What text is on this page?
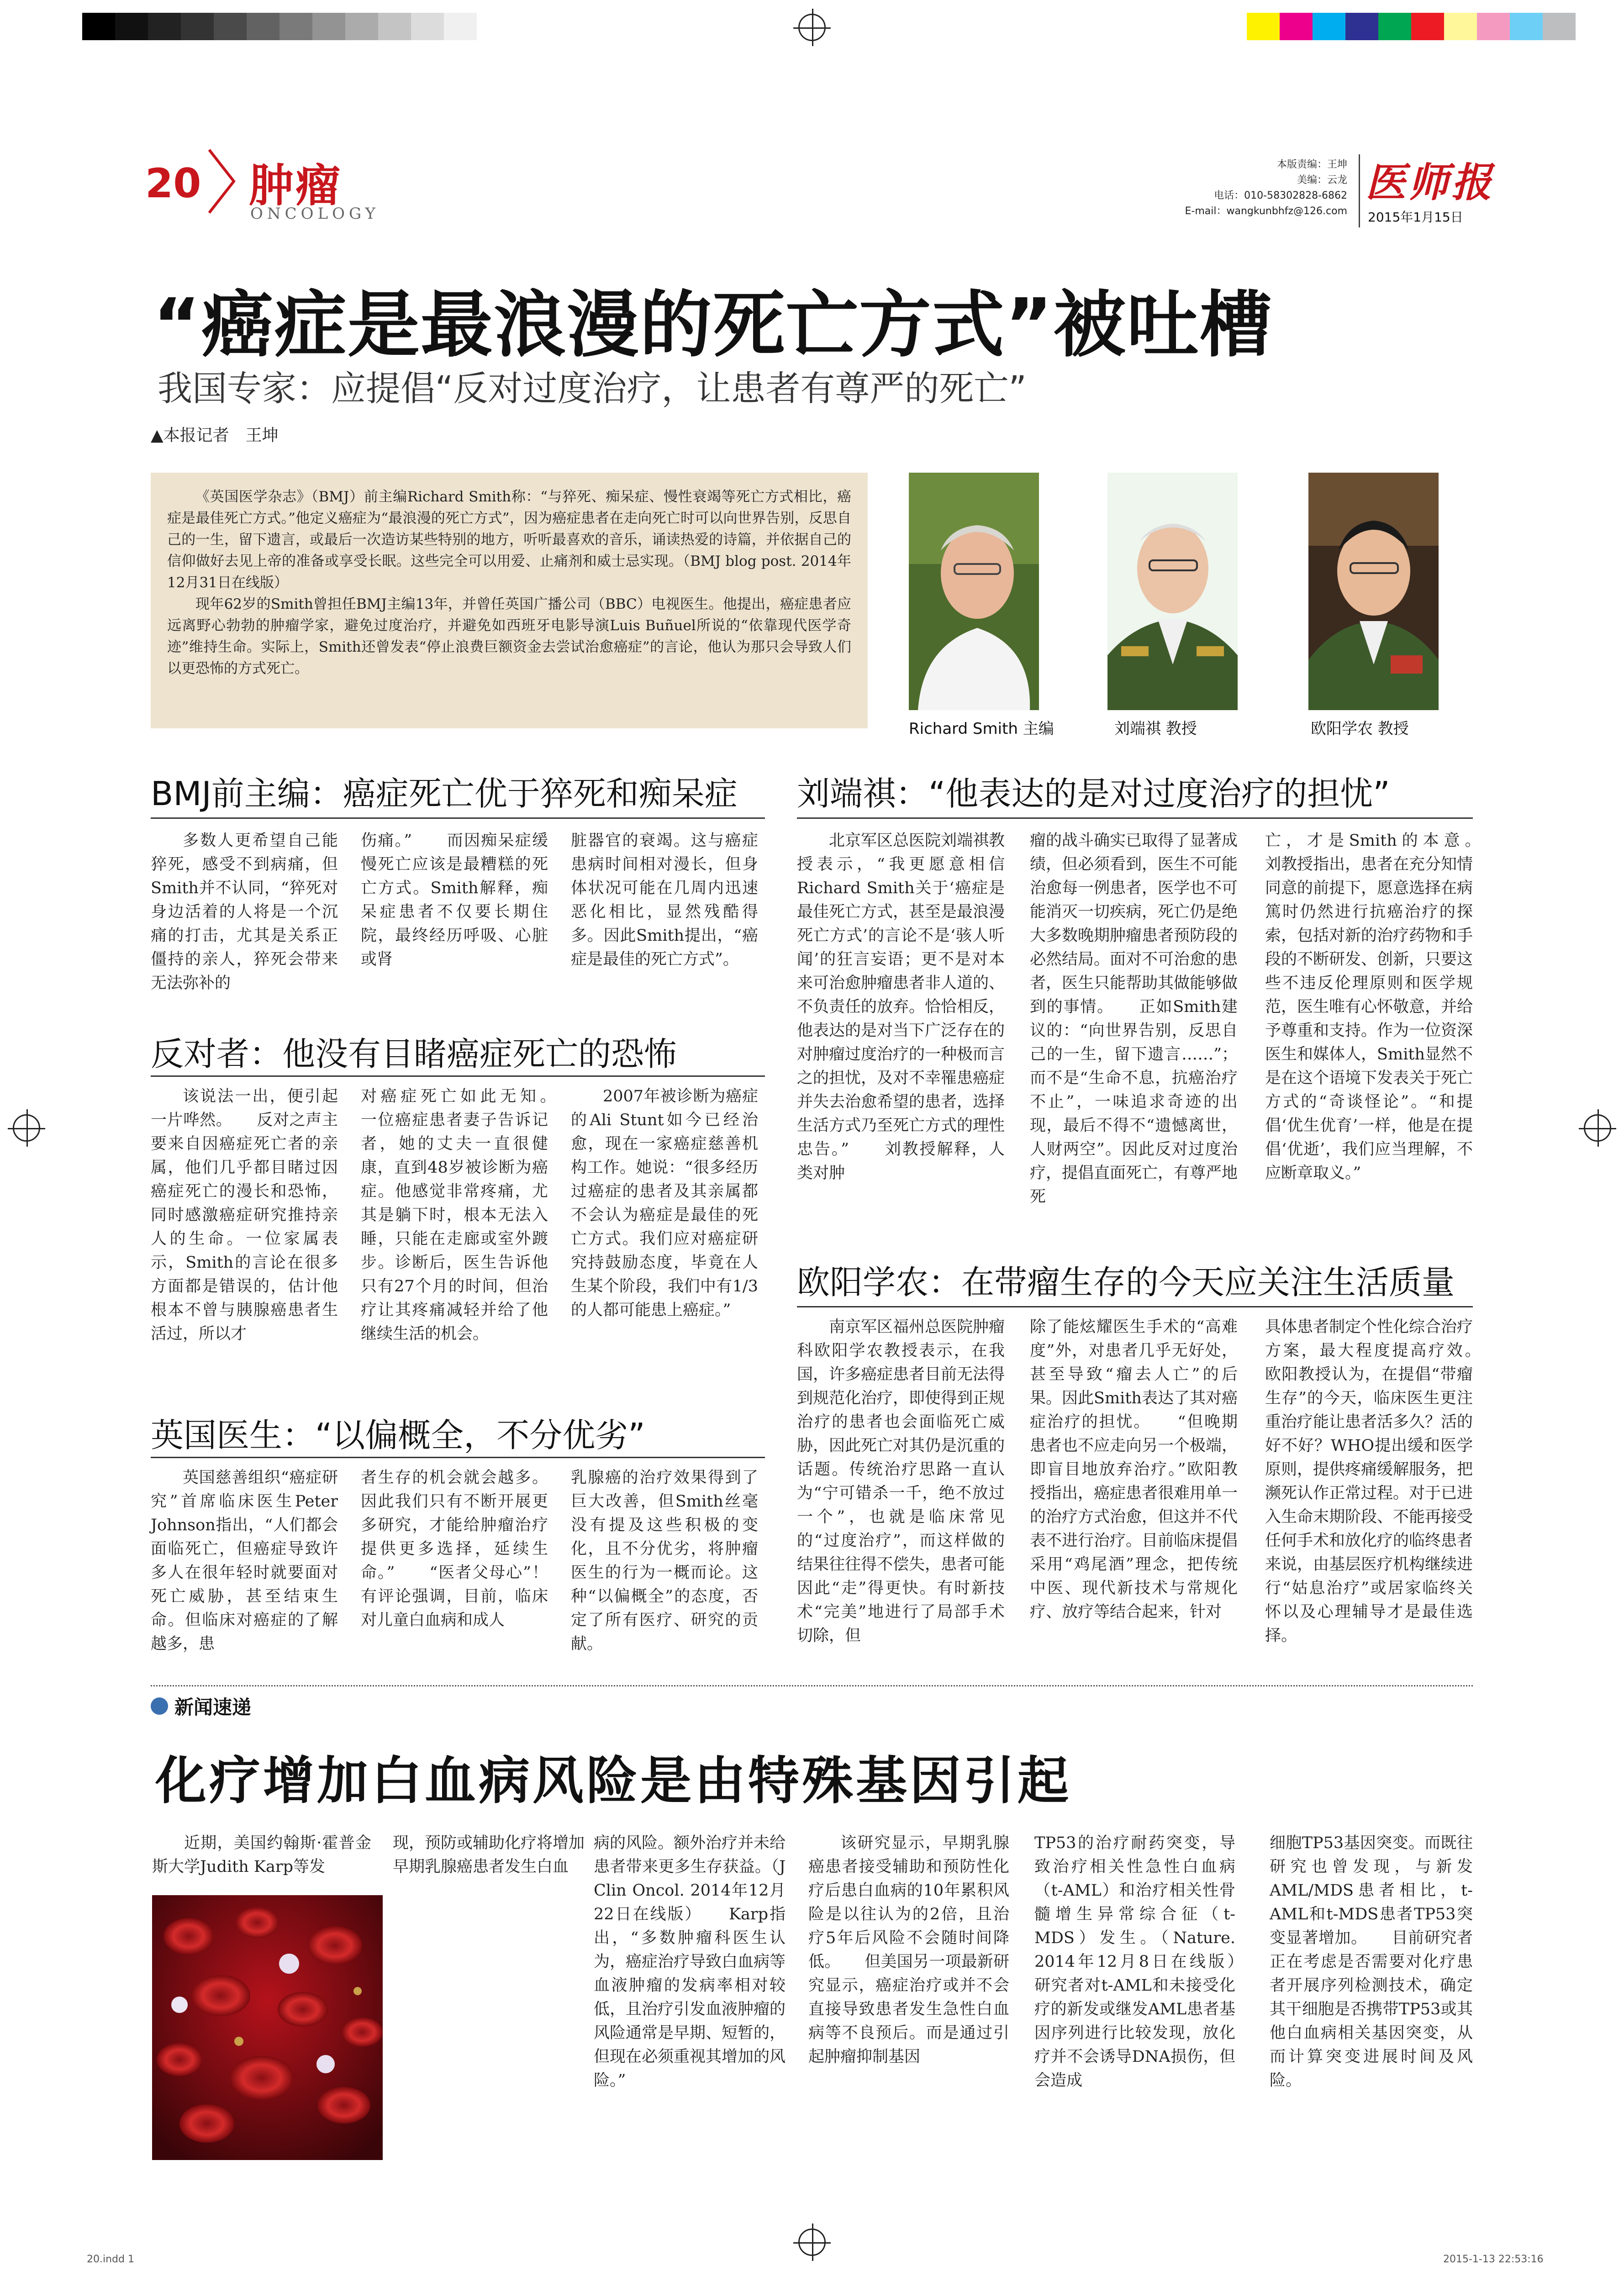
20 肿瘤
ONCOLOGY
本版责编：王坤
美编：云龙
电话：010-58302828-6862
E-mail：wangkunbhfz@126.com
医师报
2015年1月15日
“癌症是最浪漫的死亡方式”被吐槽
我国专家：应提倡“反对过度治疗，让患者有尊严的死亡”
▲本报记者　王坤

《英国医学杂志》（BMJ）前主编Richard Smith称：“与猝死、痴呆症、慢性衰竭等死亡方式相比，癌症是最佳死亡方式。”他定义癌症为“最浪漫的死亡方式”，因为癌症患者在走向死亡时可以向世界告别，反思自己的一生，留下遗言，或最后一次造访某些特别的地方，听听最喜欢的音乐，诵读热爱的诗篇，并依据自己的信仰做好去见上帝的准备或享受长眠。这些完全可以用爱、止痛剂和威士忌实现。（BMJ blog post. 2014年12月31日在线版）

现年62岁的Smith曾担任BMJ主编13年，并曾任英国广播公司（BBC）电视医生。他提出，癌症患者应远离野心勃勃的肿瘤学家，避免过度治疗，并避免如西班牙电影导演Luis Buñuel所说的“依靠现代医学奇迹”维持生命。实际上，Smith还曾发表“停止浪费巨额资金去尝试治愈癌症”的言论，他认为那只会导致人们以更恐怖的方式死亡。

Richard Smith 主编	刘端祺 教授	欧阳学农 教授
BMJ前主编：癌症死亡优于猝死和痴呆症
多数人更希望自己能猝死，感受不到病痛，但Smith并不认同，“猝死对身边活着的人将是一个沉痛的打击，尤其是关系正僵持的亲人，猝死会带来无法弥补的
伤痛。”　　而因痴呆症缓慢死亡应该是最糟糕的死亡方式。Smith解释，痴呆症患者不仅要长期住院，最终经历呼吸、心脏或肾
脏器官的衰竭。这与癌症患病时间相对漫长，但身体状况可能在几周内迅速恶化相比，显然残酷得多。因此Smith提出，“癌症是最佳的死亡方式”。
反对者：他没有目睹癌症死亡的恐怖
该说法一出，便引起一片哗然。　　反对之声主要来自因癌症死亡者的亲属，他们几乎都目睹过因癌症死亡的漫长和恐怖，同时感激癌症研究推持亲人的生命。一位家属表示，Smith的言论在很多方面都是错误的，估计他根本不曾与胰腺癌患者生活过，所以才
对癌症死亡如此无知。　　一位癌症患者妻子告诉记者，她的丈夫一直很健康，直到48岁被诊断为癌症。他感觉非常疼痛，尤其是躺下时，根本无法入睡，只能在走廊或室外踱步。诊断后，医生告诉他只有27个月的时间，但治疗让其疼痛减轻并给了他继续生活的机会。
2007年被诊断为癌症的Ali Stunt如今已经治愈，现在一家癌症慈善机构工作。她说：“很多经历过癌症的患者及其亲属都不会认为癌症是最佳的死亡方式。我们应对癌症研究持鼓励态度，毕竟在人生某个阶段，我们中有1/3的人都可能患上癌症。”
英国医生：“以偏概全，不分优劣”
英国慈善组织“癌症研究”首席临床医生Peter Johnson指出，“人们都会面临死亡，但癌症导致许多人在很年轻时就要面对死亡威胁，甚至结束生命。但临床对癌症的了解越多，患
者生存的机会就会越多。因此我们只有不断开展更多研究，才能给肿瘤治疗提供更多选择，延续生命。”　　“医者父母心”！有评论强调，目前，临床对儿童白血病和成人
乳腺癌的治疗效果得到了巨大改善，但Smith丝毫没有提及这些积极的变化，且不分优劣，将肿瘤医生的行为一概而论。这种“以偏概全”的态度，否定了所有医疗、研究的贡献。
刘端祺：“他表达的是对过度治疗的担忧”
北京军区总医院刘端祺教授表示，“我更愿意相信Richard Smith关于‘癌症是最佳死亡方式，甚至是最浪漫死亡方式’的言论不是‘骇人听闻’的狂言妄语；更不是对本来可治愈肿瘤患者非人道的、不负责任的放弃。恰恰相反，他表达的是对当下广泛存在的对肿瘤过度治疗的一种极而言之的担忧，及对不幸罹患癌症并失去治愈希望的患者，选择生活方式乃至死亡方式的理性忠告。”　　刘教授解释，人类对肿
瘤的战斗确实已取得了显著成绩，但必须看到，医生不可能治愈每一例患者，医学也不可能消灭一切疾病，死亡仍是绝大多数晚期肿瘤患者预防段的必然结局。面对不可治愈的患者，医生只能帮助其做能够做到的事情。　　正如Smith建议的：“向世界告别，反思自己的一生，留下遗言……”；而不是“生命不息，抗癌治疗不止”，一味追求奇迹的出现，最后不得不“遗憾离世，人财两空”。因此反对过度治疗，提倡直面死亡，有尊严地死
亡，才是Smith的本意。　　刘教授指出，患者在充分知情同意的前提下，愿意选择在病篤时仍然进行抗癌治疗的探索，包括对新的治疗药物和手段的不断研发、创新，只要这些不违反伦理原则和医学规范，医生唯有心怀敬意，并给予尊重和支持。作为一位资深医生和媒体人，Smith显然不是在这个语境下发表关于死亡方式的“奇谈怪论”。“和提倡‘优生优育’一样，他是在提倡‘优逝’，我们应当理解，不应断章取义。”
欧阳学农：在带瘤生存的今天应关注生活质量
南京军区福州总医院肿瘤科欧阳学农教授表示，在我国，许多癌症患者目前无法得到规范化治疗，即使得到正规治疗的患者也会面临死亡威胁，因此死亡对其仍是沉重的话题。传统治疗思路一直认为“宁可错杀一千，绝不放过一个”，也就是临床常见的“过度治疗”，而这样做的结果往往得不偿失，患者可能因此“走”得更快。有时新技术“完美”地进行了局部手术切除，但
除了能炫耀医生手术的“高难度”外，对患者几乎无好处，甚至导致“瘤去人亡”的后果。因此Smith表达了其对癌症治疗的担忧。　　“但晚期患者也不应走向另一个极端，即盲目地放弃治疗。”欧阳教授指出，癌症患者很难用单一的治疗方式治愈，但这并不代表不进行治疗。目前临床提倡采用“鸡尾酒”理念，把传统中医、现代新技术与常规化疗、放疗等结合起来，针对
具体患者制定个性化综合治疗方案，最大程度提高疗效。　　欧阳教授认为，在提倡“带瘤生存”的今天，临床医生更注重治疗能让患者活多久？活的好不好？WHO提出缓和医学原则，提供疼痛缓解服务，把濒死认作正常过程。对于已进入生命末期阶段、不能再接受任何手术和放化疗的临终患者来说，由基层医疗机构继续进行“姑息治疗”或居家临终关怀以及心理辅导才是最佳选择。
新闻速递
化疗增加白血病风险是由特殊基因引起
近期，美国约翰斯·霍普金斯大学Judith Karp等发
现，预防或辅助化疗将增加早期乳腺癌患者发生白血
病的风险。额外治疗并未给患者带来更多生存获益。（J Clin Oncol. 2014年12月22日在线版）　　Karp指出，“多数肿瘤科医生认为，癌症治疗导致白血病等血液肿瘤的发病率相对较低，且治疗引发血液肿瘤的风险通常是早期、短暂的，但现在必须重视其增加的风险。”
该研究显示，早期乳腺癌患者接受辅助和预防性化疗后患白血病的10年累积风险是以往认为的2倍，且治疗5年后风险不会随时间降低。　　但美国另一项最新研究显示，癌症治疗或并不会直接导致患者发生急性白血病等不良预后。而是通过引起肿瘤抑制基因
TP53的治疗耐药突变，导致治疗相关性急性白血病（t-AML）和治疗相关性骨髓增生异常综合征（t-MDS）发生。（Nature. 2014年12月8日在线版）　　研究者对t-AML和未接受化疗的新发或继发AML患者基因序列进行比较发现，放化疗并不会诱导DNA损伤，但会造成
细胞TP53基因突变。而既往研究也曾发现，与新发AML/MDS患者相比，t-AML和t-MDS患者TP53突变显著增加。　　目前研究者正在考虑是否需要对化疗患者开展序列检测技术，确定其干细胞是否携带TP53或其他白血病相关基因突变，从而计算突变进展时间及风险。
20.indd 1	2015-1-13 22:53:16
